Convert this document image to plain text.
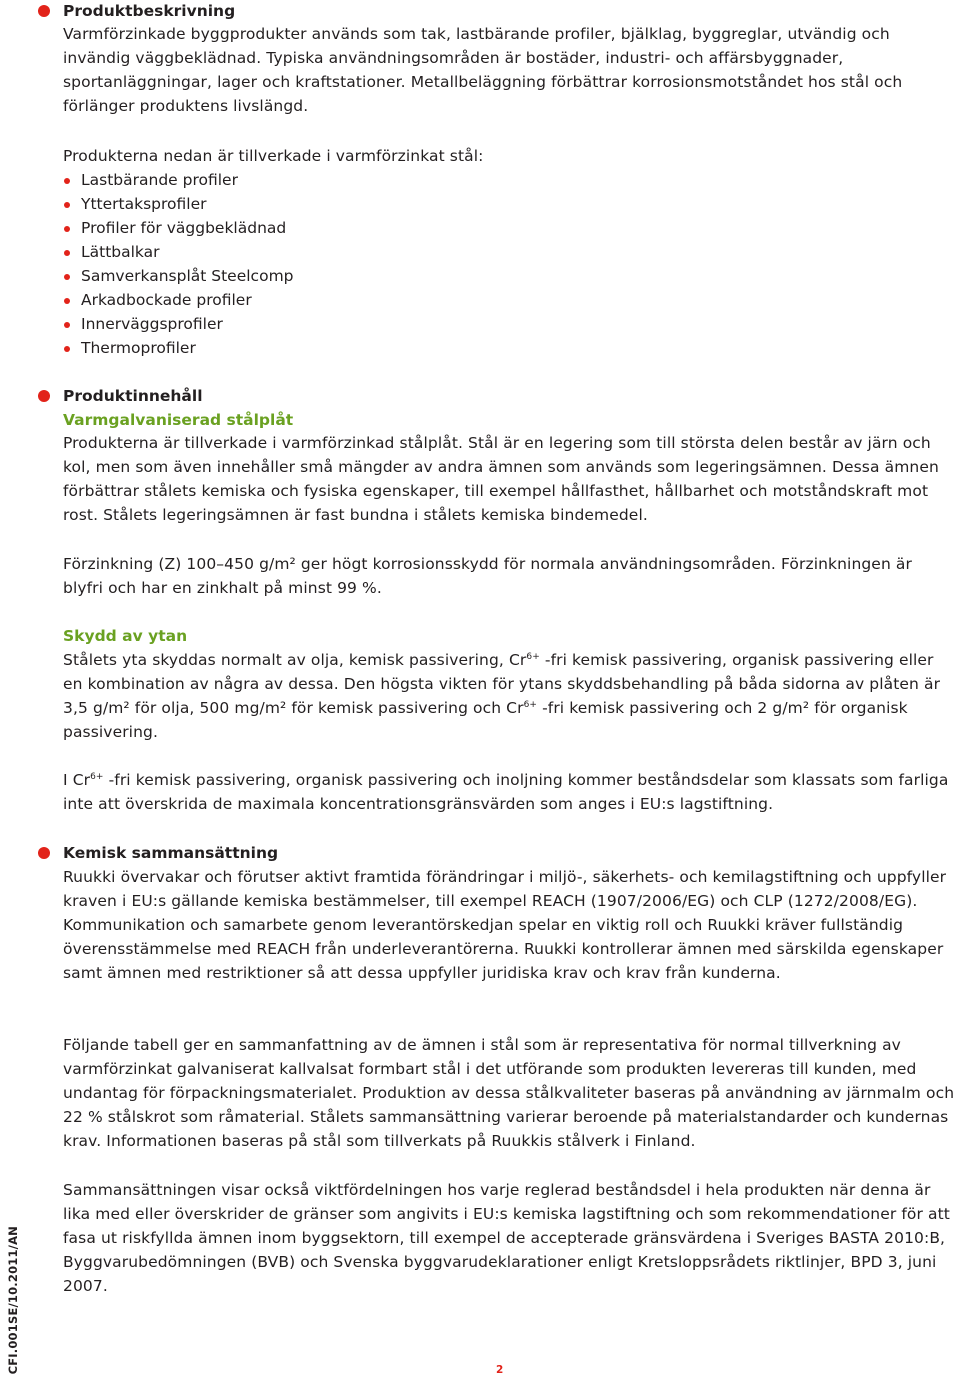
Produktbeskrivning

Varmförzinkade byggprodukter används som tak, lastbärande profiler, bjälklag, byggreglar, utvändig och invändig väggbeklädnad. Typiska användningsområden är bostäder, industri- och affärsbyggnader, sportanläggningar, lager och kraftstationer. Metallbeläggning förbättrar korrosionsmotståndet hos stål och förlänger produktens livslängd.

Produkterna nedan är tillverkade i varmförzinkat stål:

Lastbärande profiler
Yttertaksprofiler
Profiler för väggbeklädnad
Lättbalkar
Samverkansplåt Steelcomp
Arkadbockade profiler
Innerväggsprofiler
Thermoprofiler
Produktinnehåll
Varmgalvaniserad stålplåt

Produkterna är tillverkade i varmförzinkad stålplåt. Stål är en legering som till största delen består av järn och kol, men som även innehåller små mängder av andra ämnen som används som legeringsämnen. Dessa ämnen förbättrar stålets kemiska och fysiska egenskaper, till exempel hållfasthet, hållbarhet och motståndskraft mot rost. Stålets legeringsämnen är fast bundna i stålets kemiska bindemedel.

Förzinkning (Z) 100–450 g/m² ger högt korrosionsskydd för normala användningsområden. Förzinkningen är blyfri och har en zinkhalt på minst 99 %.

Skydd av ytan

Stålets yta skyddas normalt av olja, kemisk passivering, $Cr^{6+}$ -fri kemisk passivering, organisk passivering eller en kombination av några av dessa. Den högsta vikten för ytans skyddsbehandling på båda sidorna av plåten är 3,5 g/m² för olja, 500 mg/m² för kemisk passivering och $Cr^{6+}$ -fri kemisk passivering och 2 g/m² för organisk passivering.

I $Cr^{6+}$ -fri kemisk passivering, organisk passivering och inoljning kommer beståndsdelar som klassats som farliga inte att överskrida de maximala koncentrationsgränsvärden som anges i EU:s lagstiftning.

Kemisk sammansättning

Ruukki övervakar och förutser aktivt framtida förändringar i miljö-, säkerhets- och kemilagstiftning och uppfyller kraven i EU:s gällande kemiska bestämmelser, till exempel REACH (1907/2006/EG) och CLP (1272/2008/EG). Kommunikation och samarbete genom leverantörskedjan spelar en viktig roll och Ruukki kräver fullständig överensstämmelse med REACH från underleverantörerna. Ruukki kontrollerar ämnen med särskilda egenskaper samt ämnen med restriktioner så att dessa uppfyller juridiska krav och krav från kunderna.

Följande tabell ger en sammanfattning av de ämnen i stål som är representativa för normal tillverkning av varmförzinkat galvaniserat kallvalsat formbart stål i det utförande som produkten levereras till kunden, med undantag för förpackningsmaterialet. Produktion av dessa stålkvaliteter baseras på användning av järnmalm och 22 % stålskrot som råmaterial. Stålets sammansättning varierar beroende på materialstandarder och kundernas krav. Informationen baseras på stål som tillverkats på Ruukkis stålverk i Finland.

Sammansättningen visar också viktfördelningen hos varje reglerad beståndsdel i hela produkten när denna är lika med eller överskrider de gränser som angivits i EU:s kemiska lagstiftning och som rekommendationer för att fasa ut riskfyllda ämnen inom byggsektorn, till exempel de accepterade gränsvärdena i Sveriges BASTA 2010:B, Byggvarubedömningen (BVB) och Svenska byggvarudeklarationer enligt Kretsloppsrådets riktlinjer, BPD 3, juni 2007.

CFI.001SE/10.2011/AN	2
